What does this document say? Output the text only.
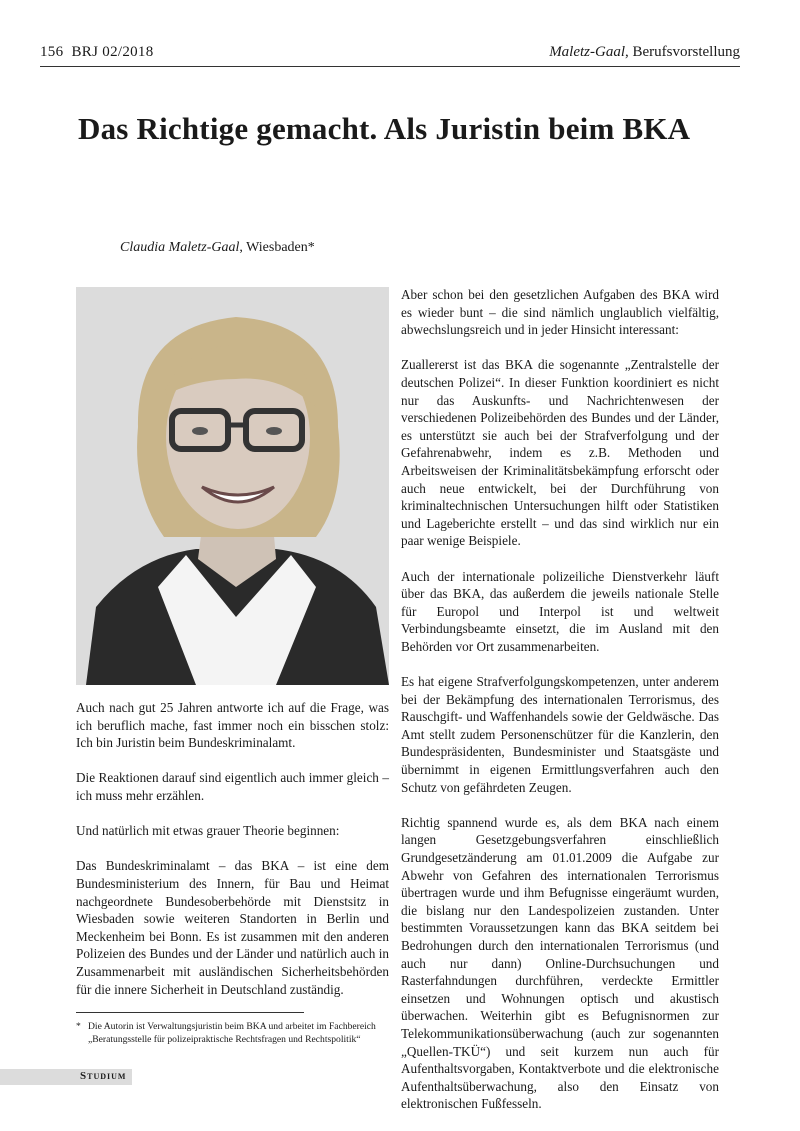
156 BRJ 02/2018	Maletz-Gaal, Berufsvorstellung
Das Richtige gemacht. Als Juristin beim BKA
Claudia Maletz-Gaal, Wiesbaden*

Auch nach gut 25 Jahren antworte ich auf die Frage, was ich beruflich mache, fast immer noch ein bisschen stolz: Ich bin Juristin beim Bundeskriminalamt.

Die Reaktionen darauf sind eigentlich auch immer gleich – ich muss mehr erzählen.

Und natürlich mit etwas grauer Theorie beginnen:

Das Bundeskriminalamt – das BKA – ist eine dem Bundesministerium des Innern, für Bau und Heimat nachgeordnete Bundesoberbehörde mit Dienstsitz in Wiesbaden sowie weiteren Standorten in Berlin und Meckenheim bei Bonn. Es ist zusammen mit den anderen Polizeien des Bundes und der Länder und natürlich auch in Zusammenarbeit mit ausländischen Sicherheitsbehörden für die innere Sicherheit in Deutschland zuständig.

Aber schon bei den gesetzlichen Aufgaben des BKA wird es wieder bunt – die sind nämlich unglaublich vielfältig, abwechslungsreich und in jeder Hinsicht interessant:

Zuallererst ist das BKA die sogenannte „Zentralstelle der deutschen Polizei“. In dieser Funktion koordiniert es nicht nur das Auskunfts- und Nachrichtenwesen der verschiedenen Polizeibehörden des Bundes und der Länder, es unterstützt sie auch bei der Strafverfolgung und der Gefahrenabwehr, indem es z.B. Methoden und Arbeitsweisen der Kriminalitätsbekämpfung erforscht oder auch neue entwickelt, bei der Durchführung von kriminaltechnischen Untersuchungen hilft oder Statistiken und Lageberichte erstellt – und das sind wirklich nur ein paar wenige Beispiele.

Auch der internationale polizeiliche Dienstverkehr läuft über das BKA, das außerdem die jeweils nationale Stelle für Europol und Interpol ist und weltweit Verbindungsbeamte einsetzt, die im Ausland mit den Behörden vor Ort zusammenarbeiten.

Es hat eigene Strafverfolgungskompetenzen, unter anderem bei der Bekämpfung des internationalen Terrorismus, des Rauschgift- und Waffenhandels sowie der Geldwäsche. Das Amt stellt zudem Personenschützer für die Kanzlerin, den Bundespräsidenten, Bundesminister und Staatsgäste und übernimmt in eigenen Ermittlungsverfahren auch den Schutz von gefährdeten Zeugen.

Richtig spannend wurde es, als dem BKA nach einem langen Gesetzgebungsverfahren einschließlich Grundgesetzänderung am 01.01.2009 die Aufgabe zur Abwehr von Gefahren des internationalen Terrorismus übertragen wurde und ihm Befugnisse eingeräumt wurden, die bislang nur den Landespolizeien zustanden. Unter bestimmten Voraussetzungen kann das BKA seitdem bei Bedrohungen durch den internationalen Terrorismus (und auch nur dann) Online-Durchsuchungen und Rasterfahndungen durchführen, verdeckte Ermittler einsetzen und Wohnungen optisch und akustisch überwachen. Weiterhin gibt es Befugnisnormen zur Telekommunikationsüberwachung (auch zur sogenannten „Quellen-TKÜ“) und seit kurzem nun auch für Aufenthaltsvorgaben, Kontaktverbote und die elektronische Aufenthaltsüberwachung, also den Einsatz von elektronischen Fußfesseln.

* Die Autorin ist Verwaltungsjuristin beim BKA und arbeitet im Fachbereich
„Beratungsstelle für polizeipraktische Rechtsfragen und Rechtspolitik“
Studium
